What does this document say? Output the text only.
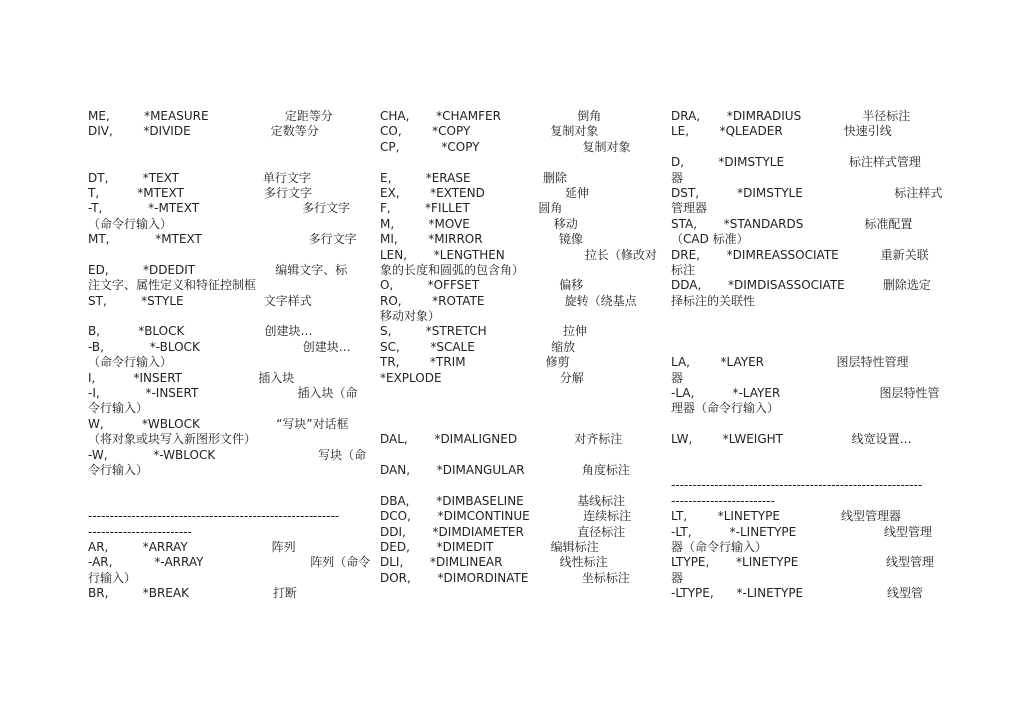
ME,         *MEASURE                    定距等分
DIV,        *DIVIDE                     定数等分
DT,         *TEXT                      单行文字
T,          *MTEXT                     多行文字
-T,            *-MTEXT                           多行文字
（命令行输入）
MT,            *MTEXT                            多行文字
ED,         *DDEDIT                     编辑文字、标
注文字、属性定义和特征控制框
ST,         *STYLE                     文字样式
B,          *BLOCK                     创建块…
-B,            *-BLOCK                           创建块…
（命令行输入）
I,          *INSERT                    插入块
-I,            *-INSERT                          插入块（命
令行输入）
W,          *WBLOCK                    “写块”对话框
（将对象或块写入新图形文件）
-W,            *-WBLOCK                           写块（命
令行输入）
----------------------------------------------------------
------------------------
AR,         *ARRAY                      阵列
-AR,           *-ARRAY                            阵列（命令
行输入）
BR,         *BREAK                      打断
CHA,       *CHAMFER                    倒角
CO,        *COPY                     复制对象
CP,           *COPY                           复制对象
E,         *ERASE                   删除
EX,        *EXTEND                     延伸
F,         *FILLET                  圆角
M,         *MOVE                      移动
MI,        *MIRROR                    镜像
LEN,       *LENGTHEN                     拉长（修改对
象的长度和圆弧的包含角）
O,         *OFFSET                     偏移
RO,        *ROTATE                     旋转（绕基点
移动对象）
S,         *STRETCH                    拉伸
SC,        *SCALE                    缩放
TR,        *TRIM                     修剪
*EXPLODE                               分解
DAL,       *DIMALIGNED               对齐标注
DAN,       *DIMANGULAR               角度标注
DBA,       *DIMBASELINE              基线标注
DCO,       *DIMCONTINUE              连续标注
DDI,       *DIMDIAMETER              直径标注
DED,       *DIMEDIT               编辑标注
DLI,       *DIMLINEAR               线性标注
DOR,       *DIMORDINATE              坐标标注
DRA,       *DIMRADIUS                半径标注
LE,        *QLEADER                快速引线
D,         *DIMSTYLE                 标注样式管理
器
DST,          *DIMSTYLE                        标注样式
管理器
STA,       *STANDARDS                标准配置
（CAD 标准）
DRE,       *DIMREASSOCIATE           重新关联
标注
DDA,       *DIMDISASSOCIATE          删除选定
择标注的关联性
LA,        *LAYER                   图层特性管理
器
-LA,          *-LAYER                          图层特性管
理器（命令行输入）
LW,        *LWEIGHT                  线宽设置…
----------------------------------------------------------
------------------------
LT,        *LINETYPE                线型管理器
-LT,          *-LINETYPE                       线型管理
器（命令行输入）
LTYPE,       *LINETYPE                       线型管理
器
-LTYPE,      *-LINETYPE                      线型管
